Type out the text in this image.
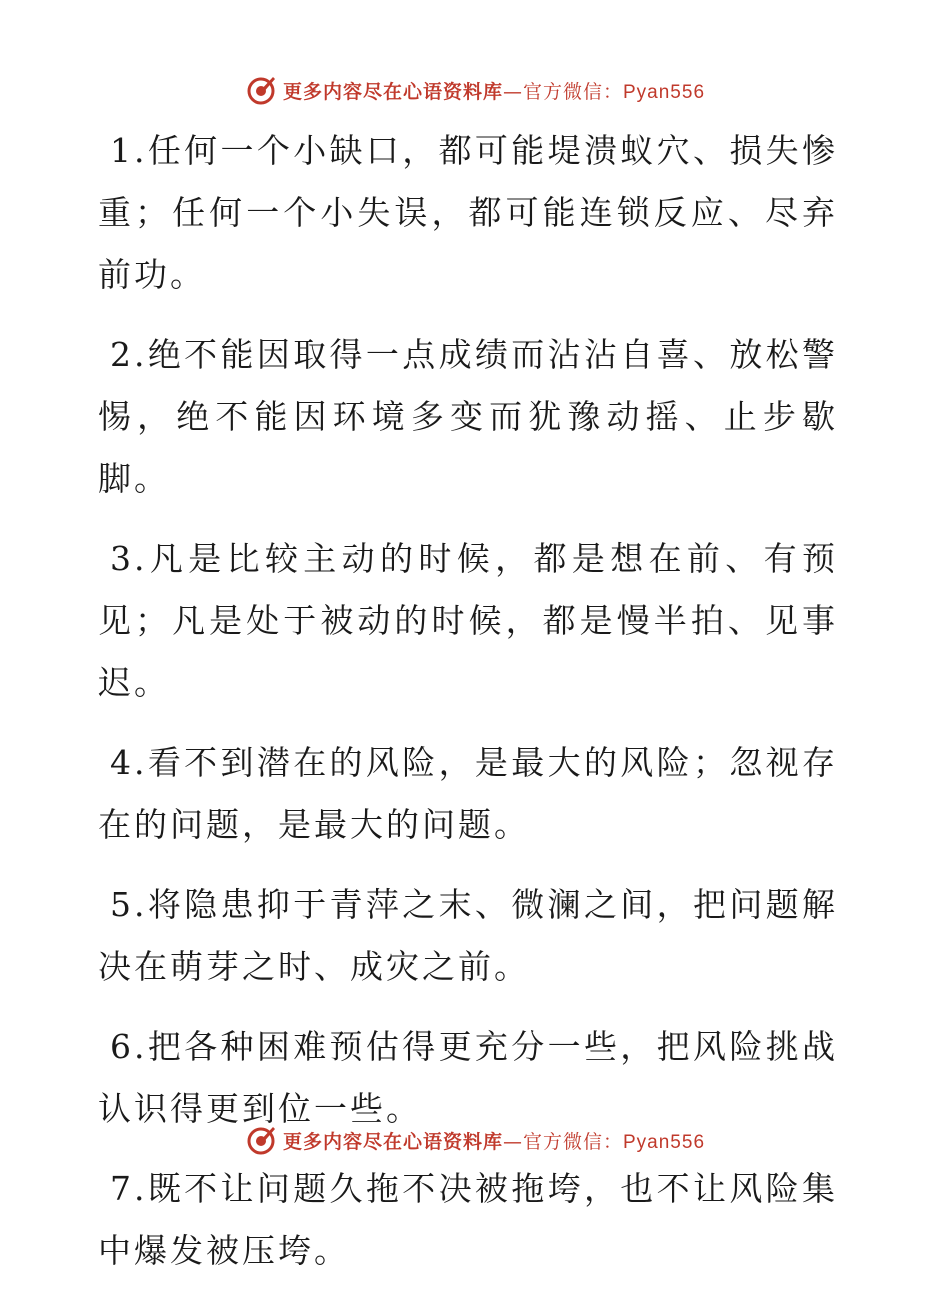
更多内容尽在心语资料库—官方微信：Pyan556

1.任何一个小缺口，都可能堤溃蚁穴、损失惨重；任何一个小失误，都可能连锁反应、尽弃前功。

2.绝不能因取得一点成绩而沾沾自喜、放松警惕，绝不能因环境多变而犹豫动摇、止步歇脚。

3.凡是比较主动的时候，都是想在前、有预见；凡是处于被动的时候，都是慢半拍、见事迟。

4.看不到潜在的风险，是最大的风险；忽视存在的问题，是最大的问题。

5.将隐患抑于青萍之末、微澜之间，把问题解决在萌芽之时、成灾之前。

6.把各种困难预估得更充分一些，把风险挑战认识得更到位一些。

7.既不让问题久拖不决被拖垮，也不让风险集中爆发被压垮。

更多内容尽在心语资料库—官方微信：Pyan556
